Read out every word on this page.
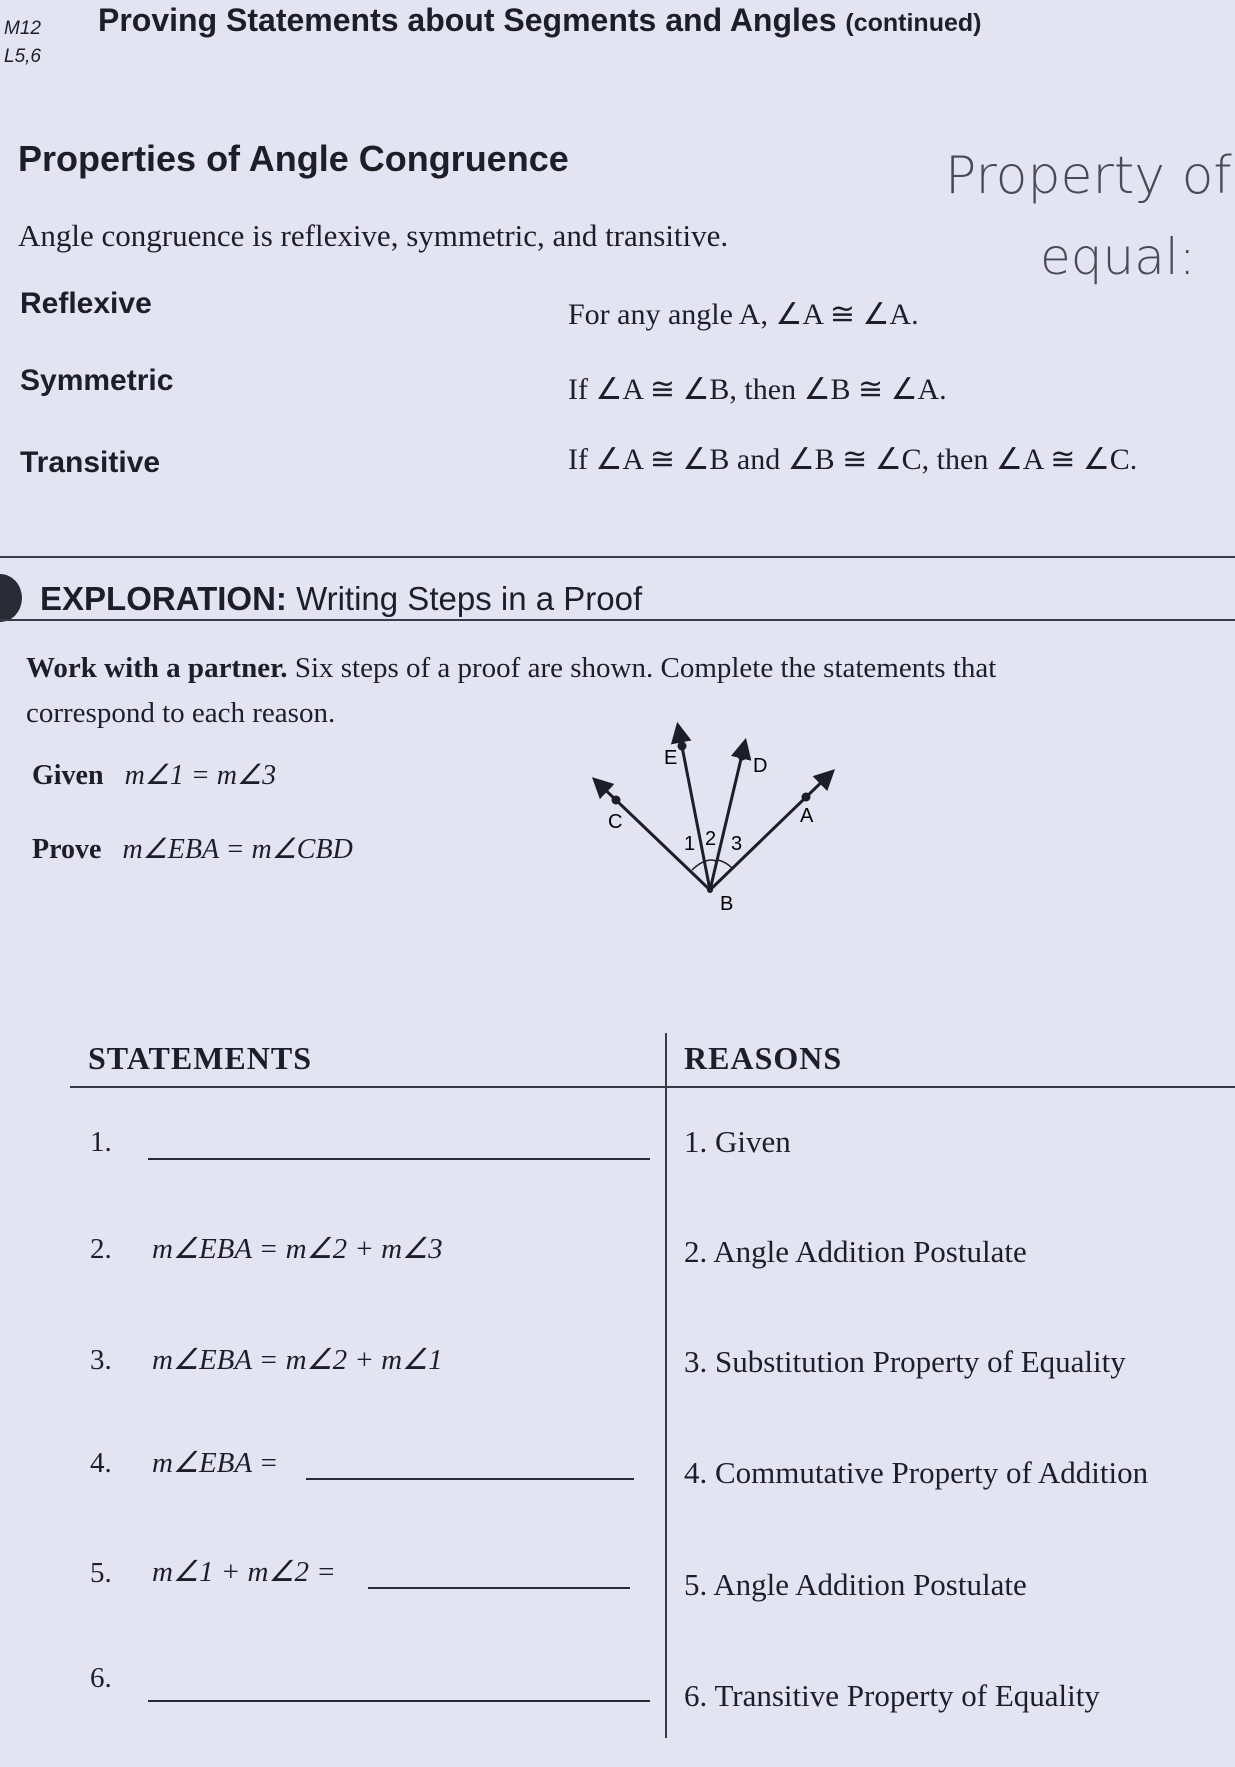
M12
L5,6
Proving Statements about Segments and Angles (continued)
Property of
equal:
Properties of Angle Congruence
Angle congruence is reflexive, symmetric, and transitive.
Reflexive	For any angle A, ∠A ≅ ∠A.
Symmetric	If ∠A ≅ ∠B, then ∠B ≅ ∠A.
Transitive	If ∠A ≅ ∠B and ∠B ≅ ∠C, then ∠A ≅ ∠C.
EXPLORATION: Writing Steps in a Proof
Work with a partner. Six steps of a proof are shown. Complete the statements that
correspond to each reason.
Given m∠1 = m∠3
Prove m∠EBA = m∠CBD
E	D
C	A
B
1 2 3
STATEMENTS	REASONS
1.	1. Given
2. m∠EBA = m∠2 + m∠3	2. Angle Addition Postulate
3. m∠EBA = m∠2 + m∠1	3. Substitution Property of Equality
4. m∠EBA =	4. Commutative Property of Addition
5. m∠1 + m∠2 =	5. Angle Addition Postulate
6.	6. Transitive Property of Equality
